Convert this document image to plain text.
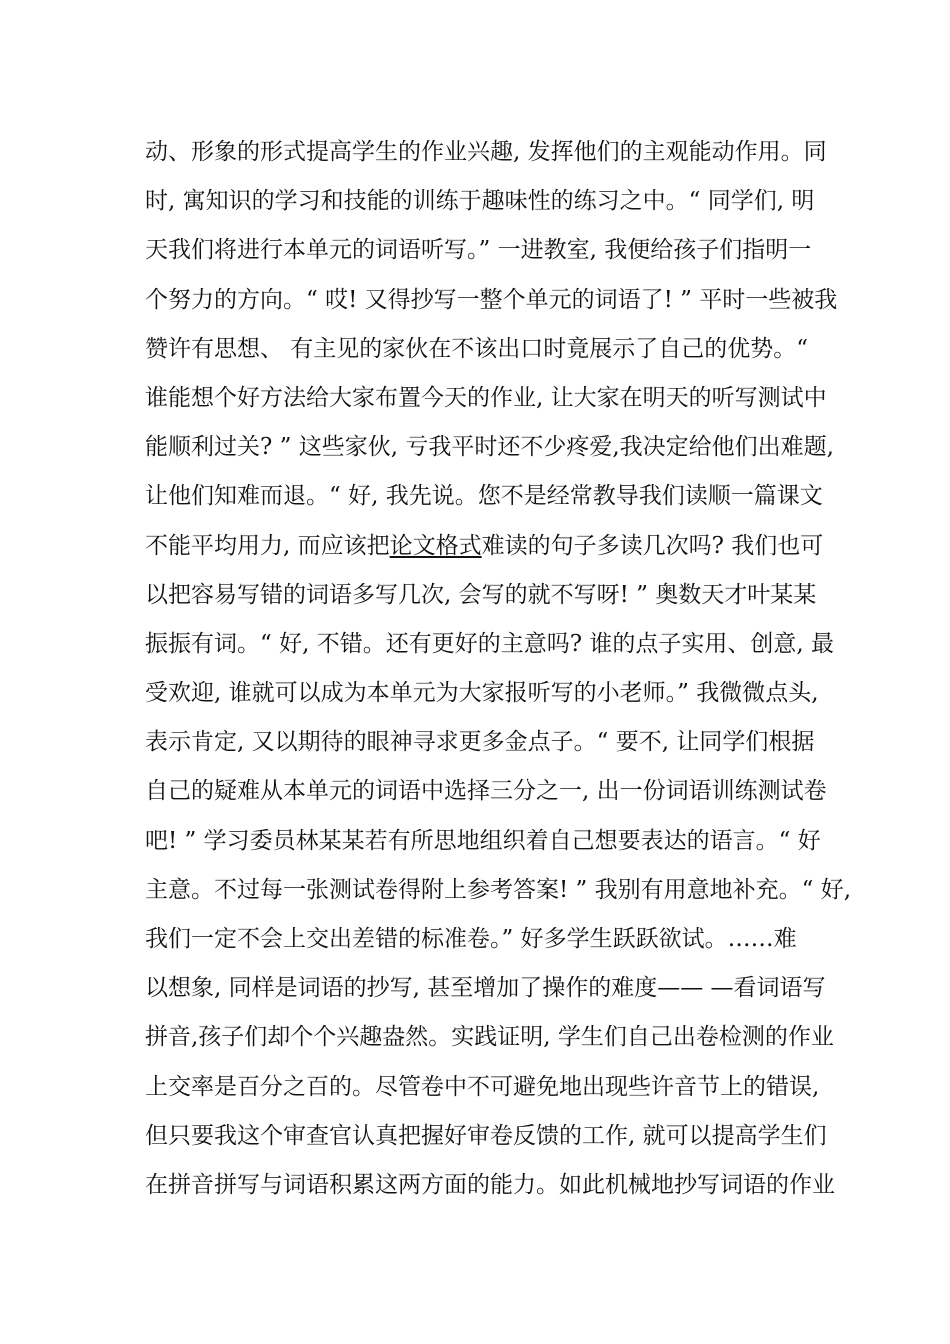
动、形象的形式提高学生的作业兴趣, 发挥他们的主观能动作用。同
时, 寓知识的学习和技能的训练于趣味性的练习之中。“ 同学们, 明
天我们将进行本单元的词语听写。” 一进教室, 我便给孩子们指明一
个努力的方向。“ 哎! 又得抄写一整个单元的词语了! ” 平时一些被我
赞许有思想、 有主见的家伙在不该出口时竟展示了自己的优势。“
谁能想个好方法给大家布置今天的作业, 让大家在明天的听写测试中
能顺利过关? ” 这些家伙, 亏我平时还不少疼爱,我决定给他们出难题,
让他们知难而退。“ 好, 我先说。您不是经常教导我们读顺一篇课文
不能平均用力, 而应该把论文格式难读的句子多读几次吗? 我们也可
以把容易写错的词语多写几次, 会写的就不写呀! ” 奥数天才叶某某
振振有词。“ 好, 不错。还有更好的主意吗? 谁的点子实用、创意, 最
受欢迎, 谁就可以成为本单元为大家报听写的小老师。” 我微微点头,
表示肯定, 又以期待的眼神寻求更多金点子。“ 要不, 让同学们根据
自己的疑难从本单元的词语中选择三分之一, 出一份词语训练测试卷
吧! ” 学习委员林某某若有所思地组织着自己想要表达的语言。“ 好
主意。不过每一张测试卷得附上参考答案! ” 我别有用意地补充。“ 好,
我们一定不会上交出差错的标准卷。” 好多学生跃跃欲试。……难
以想象, 同样是词语的抄写, 甚至增加了操作的难度—— —看词语写
拼音,孩子们却个个兴趣盎然。实践证明, 学生们自己出卷检测的作业
上交率是百分之百的。尽管卷中不可避免地出现些许音节上的错误,
但只要我这个审查官认真把握好审卷反馈的工作, 就可以提高学生们
在拼音拼写与词语积累这两方面的能力。如此机械地抄写词语的作业
